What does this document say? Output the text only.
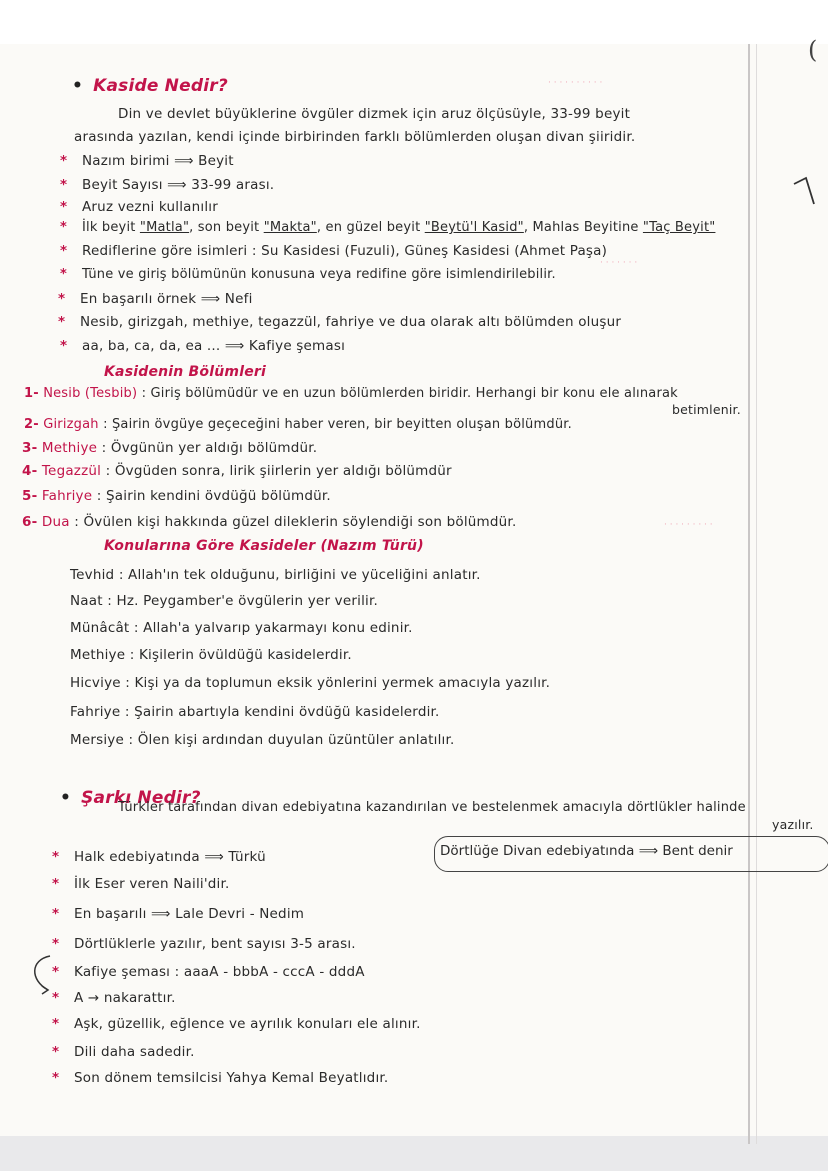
(
· · · · · · · · · ·
· · · · · · ·
· · · · · · · · ·
• Kaside Nedir?
Din ve devlet büyüklerine övgüler dizmek için aruz ölçüsüyle, 33-99 beyit
arasında yazılan, kendi içinde birbirinden farklı bölümlerden oluşan divan şiiridir.
* Nazım birimi ⟹ Beyit
* Beyit Sayısı ⟹ 33-99 arası.
* Aruz vezni kullanılır
* İlk beyit "Matla", son beyit "Makta", en güzel beyit "Beytü'l Kasid", Mahlas Beyitine "Taç Beyit"
* Rediflerine göre isimleri : Su Kasidesi (Fuzuli), Güneş Kasidesi (Ahmet Paşa)
* Tüne ve giriş bölümünün konusuna veya redifine göre isimlendirilebilir.
* En başarılı örnek ⟹ Nefi
* Nesib, girizgah, methiye, tegazzül, fahriye ve dua olarak altı bölümden oluşur
* aa, ba, ca, da, ea ... ⟹ Kafiye şeması
Kasidenin Bölümleri
1- Nesib (Tesbib) : Giriş bölümüdür ve en uzun bölümlerden biridir. Herhangi bir konu ele alınarak
betimlenir.
2- Girizgah : Şairin övgüye geçeceğini haber veren, bir beyitten oluşan bölümdür.
3- Methiye : Övgünün yer aldığı bölümdür.
4- Tegazzül : Övgüden sonra, lirik şiirlerin yer aldığı bölümdür
5- Fahriye : Şairin kendini övdüğü bölümdür.
6- Dua : Övülen kişi hakkında güzel dileklerin söylendiği son bölümdür.
Konularına Göre Kasideler (Nazım Türü)
Tevhid : Allah'ın tek olduğunu, birliğini ve yüceliğini anlatır.
Naat : Hz. Peygamber'e övgülerin yer verilir.
Münâcât : Allah'a yalvarıp yakarmayı konu edinir.
Methiye : Kişilerin övüldüğü kasidelerdir.
Hicviye : Kişi ya da toplumun eksik yönlerini yermek amacıyla yazılır.
Fahriye : Şairin abartıyla kendini övdüğü kasidelerdir.
Mersiye : Ölen kişi ardından duyulan üzüntüler anlatılır.
• Şarkı Nedir?
Türkler tarafından divan edebiyatına kazandırılan ve bestelenmek amacıyla dörtlükler halinde
yazılır.
Dörtlüğe Divan edebiyatında ⟹ Bent denir
* Halk edebiyatında ⟹ Türkü
* İlk Eser veren Naili'dir.
* En başarılı ⟹ Lale Devri - Nedim
* Dörtlüklerle yazılır, bent sayısı 3-5 arası.
* Kafiye şeması : aaaA - bbbA - cccA - dddA
* A → nakarattır.
* Aşk, güzellik, eğlence ve ayrılık konuları ele alınır.
* Dili daha sadedir.
* Son dönem temsilcisi Yahya Kemal Beyatlıdır.
